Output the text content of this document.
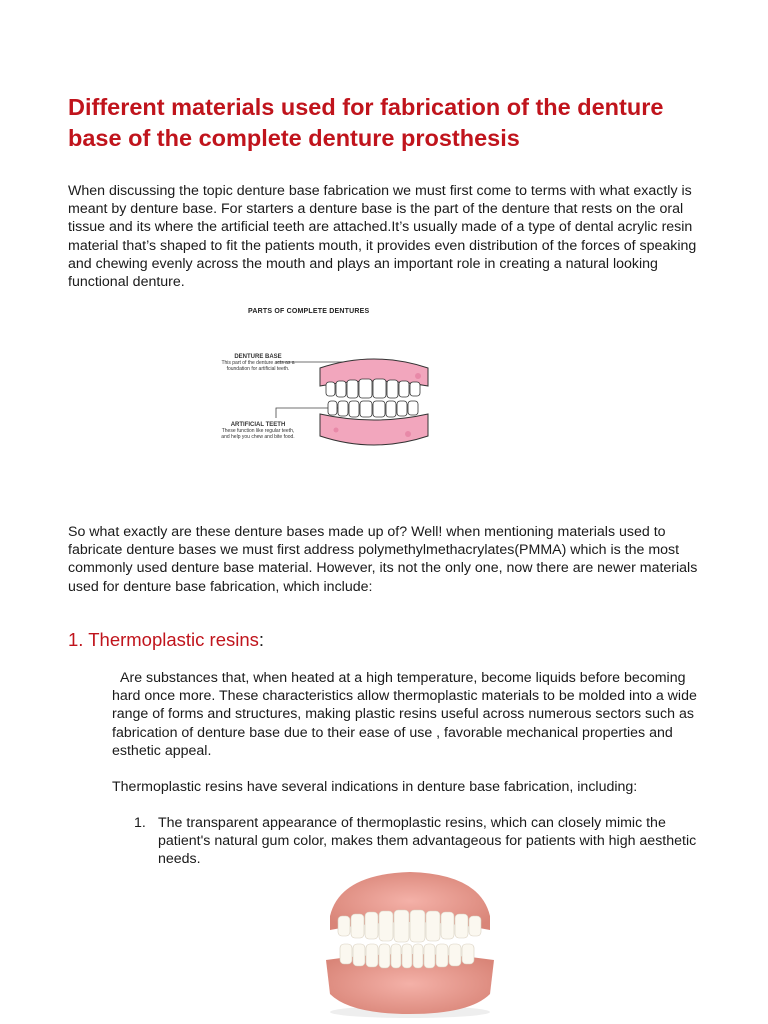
Different materials used for fabrication of the denture base of the complete denture prosthesis

When discussing the topic denture base fabrication we must first come to terms with what exactly is meant by denture base. For starters a denture base is the part of the denture that rests on the oral tissue and its where the artificial teeth are attached.It’s usually made of a type of dental acrylic resin material that’s shaped to fit the patients mouth, it provides even distribution of the forces of speaking and chewing evenly across the mouth and plays an important role in creating a natural looking functional denture.

PARTS OF COMPLETE DENTURES
DENTURE BASE
This part of the denture acts as a foundation for artificial teeth.
ARTIFICIAL TEETH
These function like regular teeth, and help you chew and bite food.

So what exactly are these denture bases made up of? Well! when mentioning materials used to fabricate denture bases we must first address polymethylmethacrylates(PMMA) which is the most commonly used denture base material. However, its not the only one, now there are newer materials used for denture base fabrication, which include:

1. Thermoplastic resins:

Are substances that, when heated at a high temperature, become liquids before becoming hard once more. These characteristics allow thermoplastic materials to be molded into a wide range of forms and structures, making plastic resins useful across numerous sectors such as fabrication of denture base due to their ease of use , favorable mechanical properties and esthetic appeal.

Thermoplastic resins have several indications in denture base fabrication, including:

1. The transparent appearance of thermoplastic resins, which can closely mimic the patient's natural gum color, makes them advantageous for patients with high aesthetic needs.
